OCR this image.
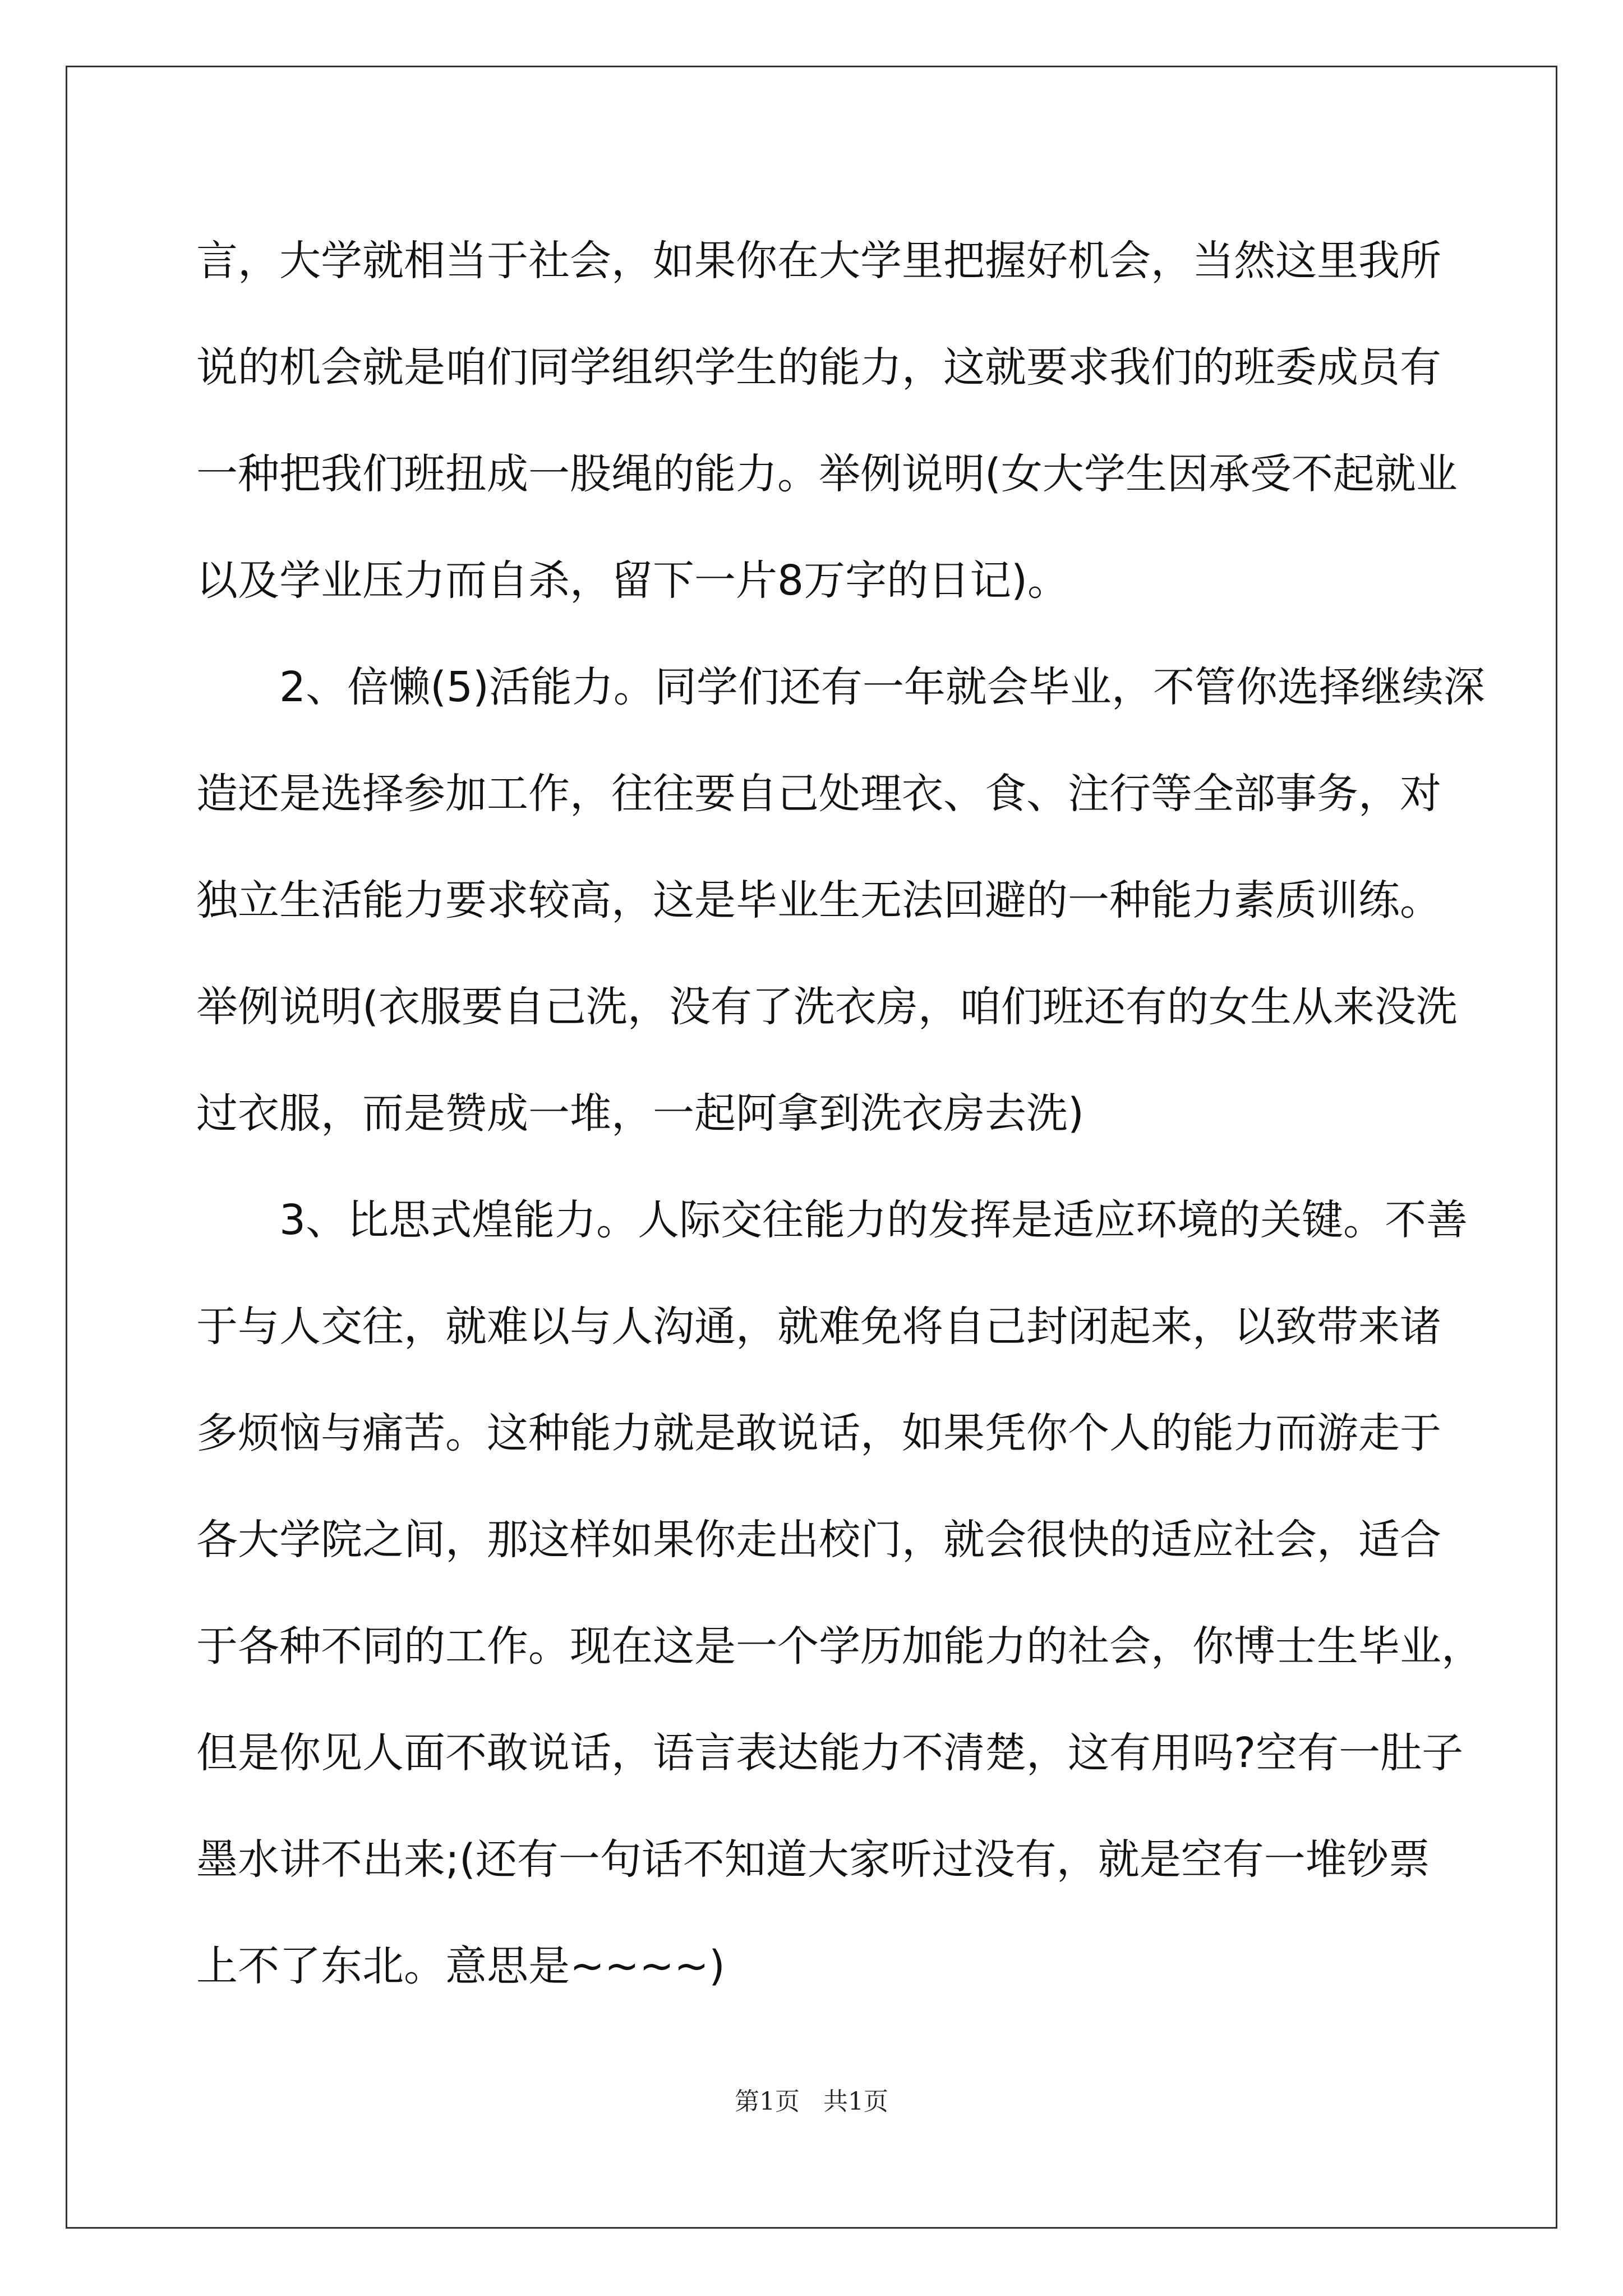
言，大学就相当于社会，如果你在大学里把握好机会，当然这里我所
说的机会就是咱们同学组织学生的能力，这就要求我们的班委成员有
一种把我们班扭成一股绳的能力。举例说明(女大学生因承受不起就业
以及学业压力而自杀，留下一片8万字的日记)。
2、倍懒(5)活能力。同学们还有一年就会毕业，不管你选择继续深
造还是选择参加工作，往往要自己处理衣、食、注行等全部事务，对
独立生活能力要求较高，这是毕业生无法回避的一种能力素质训练。
举例说明(衣服要自己洗，没有了洗衣房，咱们班还有的女生从来没洗
过衣服，而是赞成一堆，一起阿拿到洗衣房去洗)
3、比思式煌能力。人际交往能力的发挥是适应环境的关键。不善
于与人交往，就难以与人沟通，就难免将自己封闭起来，以致带来诸
多烦恼与痛苦。这种能力就是敢说话，如果凭你个人的能力而游走于
各大学院之间，那这样如果你走出校门，就会很快的适应社会，适合
于各种不同的工作。现在这是一个学历加能力的社会，你博士生毕业，
但是你见人面不敢说话，语言表达能力不清楚，这有用吗?空有一肚子
墨水讲不出来;(还有一句话不知道大家听过没有，就是空有一堆钞票
上不了东北。意思是~~~~)
第1页 共1页
